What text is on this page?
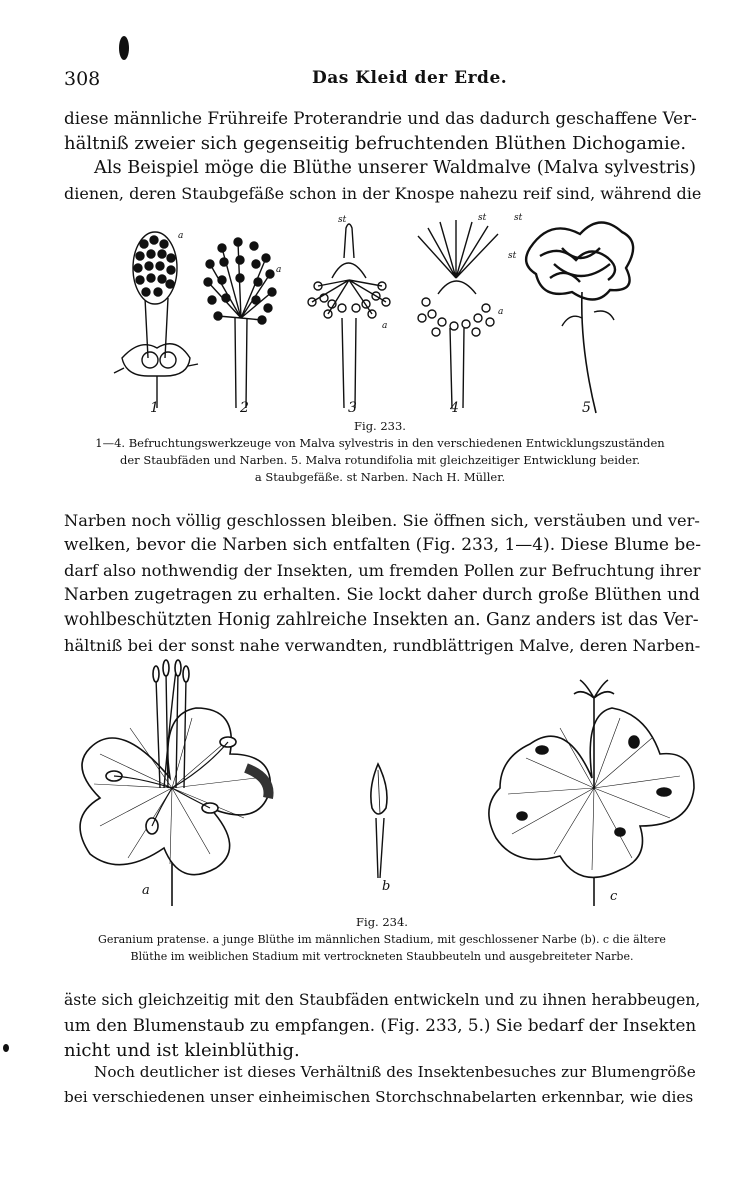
308	Das Kleid der Erde.

diese männliche Frühreife Proterandrie und das dadurch geschaffene Ver-
hältniß zweier sich gegenseitig befruchtenden Blüthen Dichogamie.

Als Beispiel möge die Blüthe unserer Waldmalve (Malva sylvestris)
dienen, deren Staubgefäße schon in der Knospe nahezu reif sind, während die

1	2	3	4	5
a
a
a
st	st	st
a
st
Fig. 233.
1—4. Befruchtungswerkzeuge von Malva sylvestris in den verschiedenen Entwicklungszuständen
der Staubfäden und Narben. 5. Malva rotundifolia mit gleichzeitiger Entwicklung beider.
a Staubgefäße. st Narben. Nach H. Müller.

Narben noch völlig geschlossen bleiben. Sie öffnen sich, verstäuben und ver-
welken, bevor die Narben sich entfalten (Fig. 233, 1—4). Diese Blume be-
darf also nothwendig der Insekten, um fremden Pollen zur Befruchtung ihrer
Narben zugetragen zu erhalten. Sie lockt daher durch große Blüthen und
wohlbeschützten Honig zahlreiche Insekten an. Ganz anders ist das Ver-
hältniß bei der sonst nahe verwandten, rundblättrigen Malve, deren Narben-

a	b
c
Fig. 234.
Geranium pratense. a junge Blüthe im männlichen Stadium, mit geschlossener Narbe (b). c die ältere
Blüthe im weiblichen Stadium mit vertrockneten Staubbeuteln und ausgebreiteter Narbe.

äste sich gleichzeitig mit den Staubfäden entwickeln und zu ihnen herabbeugen,
um den Blumenstaub zu empfangen. (Fig. 233, 5.) Sie bedarf der Insekten
nicht und ist kleinblüthig.

Noch deutlicher ist dieses Verhältniß des Insektenbesuches zur Blumengröße
bei verschiedenen unser einheimischen Storchschnabelarten erkennbar, wie dies
